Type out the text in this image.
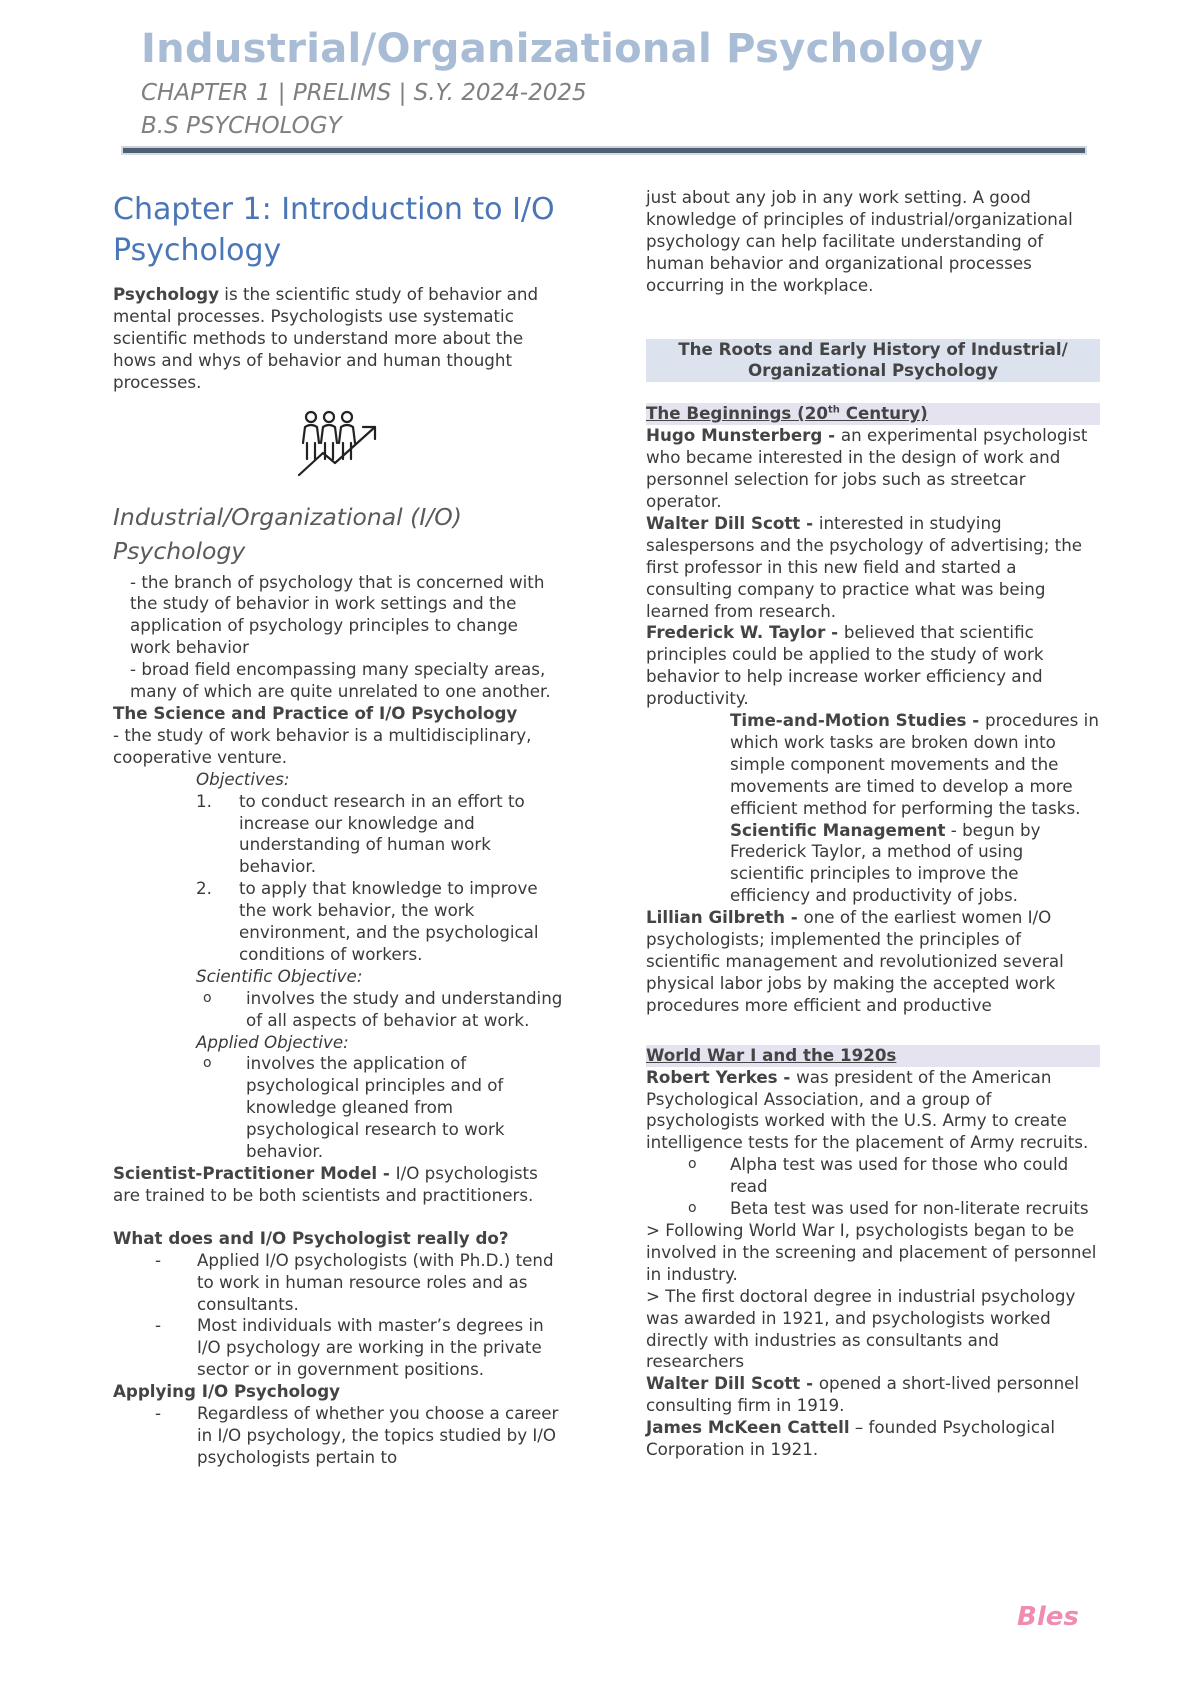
Industrial/Organizational Psychology
CHAPTER 1 | PRELIMS | S.Y. 2024-2025
B.S PSYCHOLOGY
Chapter 1: Introduction to I/O Psychology

Psychology is the scientific study of behavior and mental processes. Psychologists use systematic scientific methods to understand more about the hows and whys of behavior and human thought processes.

Industrial/Organizational (I/O) Psychology

- the branch of psychology that is concerned with the study of behavior in work settings and the application of psychology principles to change work behavior

- broad field encompassing many specialty areas, many of which are quite unrelated to one another.

The Science and Practice of I/O Psychology

- the study of work behavior is a multidisciplinary, cooperative venture.

Objectives:

1.	to conduct research in an effort to increase our knowledge and understanding of human work behavior.
2.	to apply that knowledge to improve the work behavior, the work environment, and the psychological conditions of workers.

Scientific Objective:

o	involves the study and understanding of all aspects of behavior at work.

Applied Objective:

o	involves the application of psychological principles and of knowledge gleaned from psychological research to work behavior.

Scientist-Practitioner Model - I/O psychologists are trained to be both scientists and practitioners.

What does and I/O Psychologist really do?

-	Applied I/O psychologists (with Ph.D.) tend to work in human resource roles and as consultants.
-	Most individuals with master’s degrees in I/O psychology are working in the private sector or in government positions.

Applying I/O Psychology

-	Regardless of whether you choose a career in I/O psychology, the topics studied by I/O psychologists pertain to

just about any job in any work setting. A good knowledge of principles of industrial/organizational psychology can help facilitate understanding of human behavior and organizational processes occurring in the workplace.

The Roots and Early History of Industrial/ Organizational Psychology

The Beginnings (20th Century)

Hugo Munsterberg - an experimental psychologist who became interested in the design of work and personnel selection for jobs such as streetcar operator.

Walter Dill Scott - interested in studying salespersons and the psychology of advertising; the first professor in this new field and started a consulting company to practice what was being learned from research.

Frederick W. Taylor - believed that scientific principles could be applied to the study of work behavior to help increase worker efficiency and productivity.

Time-and-Motion Studies - procedures in which work tasks are broken down into simple component movements and the movements are timed to develop a more efficient method for performing the tasks.

Scientific Management - begun by Frederick Taylor, a method of using scientific principles to improve the efficiency and productivity of jobs.

Lillian Gilbreth - one of the earliest women I/O psychologists; implemented the principles of scientific management and revolutionized several physical labor jobs by making the accepted work procedures more efficient and productive

World War I and the 1920s

Robert Yerkes - was president of the American Psychological Association, and a group of psychologists worked with the U.S. Army to create intelligence tests for the placement of Army recruits.

o	Alpha test was used for those who could read
o	Beta test was used for non-literate recruits

> Following World War I, psychologists began to be involved in the screening and placement of personnel in industry.

> The first doctoral degree in industrial psychology was awarded in 1921, and psychologists worked directly with industries as consultants and researchers

Walter Dill Scott - opened a short-lived personnel consulting firm in 1919.

James McKeen Cattell – founded Psychological Corporation in 1921.

Bles
